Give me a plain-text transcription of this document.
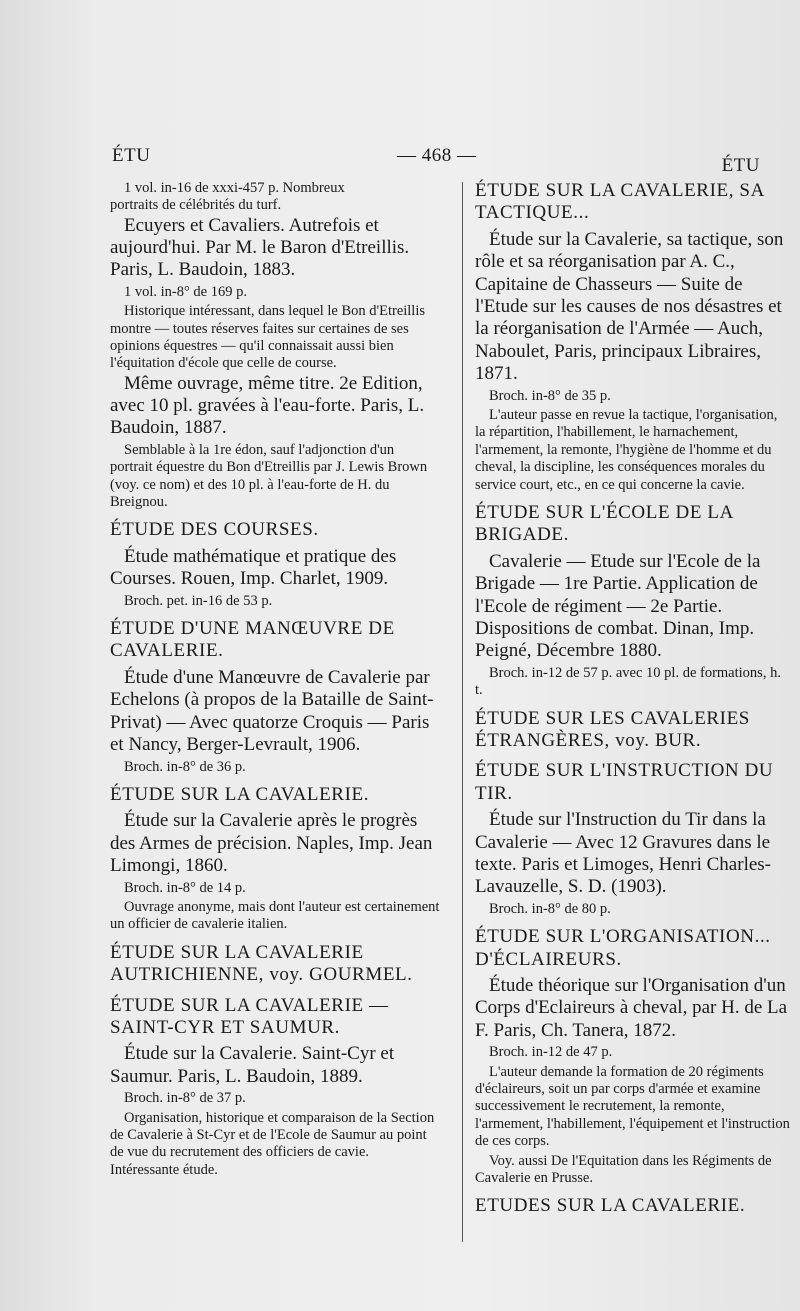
ÉTU	— 468 —	ÉTU

1 vol. in-16 de xxxi-457 p. Nombreux

portraits de célébrités du turf.

Ecuyers et Cavaliers. Autrefois et aujourd'hui. Par M. le Baron d'Etreillis. Paris, L. Baudoin, 1883.

1 vol. in-8° de 169 p.

Historique intéressant, dans lequel le Bon d'Etreillis montre — toutes réserves faites sur certaines de ses opinions équestres — qu'il connaissait aussi bien l'équitation d'école que celle de course.

Même ouvrage, même titre. 2e Edition, avec 10 pl. gravées à l'eau-forte. Paris, L. Baudoin, 1887.

Semblable à la 1re édon, sauf l'adjonction d'un portrait équestre du Bon d'Etreillis par J. Lewis Brown (voy. ce nom) et des 10 pl. à l'eau-forte de H. du Breignou.

ÉTUDE DES COURSES.

Étude mathématique et pratique des Courses. Rouen, Imp. Charlet, 1909.

Broch. pet. in-16 de 53 p.

ÉTUDE D'UNE MANŒUVRE DE CAVALERIE.

Étude d'une Manœuvre de Cavalerie par Echelons (à propos de la Bataille de Saint-Privat) — Avec quatorze Croquis — Paris et Nancy, Berger-Levrault, 1906.

Broch. in-8° de 36 p.

ÉTUDE SUR LA CAVALERIE.

Étude sur la Cavalerie après le progrès des Armes de précision. Naples, Imp. Jean Limongi, 1860.

Broch. in-8° de 14 p.

Ouvrage anonyme, mais dont l'auteur est certainement un officier de cavalerie italien.

ÉTUDE SUR LA CAVALERIE AUTRICHIENNE, voy. GOURMEL.

ÉTUDE SUR LA CAVALERIE — SAINT-CYR ET SAUMUR.

Étude sur la Cavalerie. Saint-Cyr et Saumur. Paris, L. Baudoin, 1889.

Broch. in-8° de 37 p.

Organisation, historique et comparaison de la Section de Cavalerie à St-Cyr et de l'Ecole de Saumur au point de vue du recrutement des officiers de cavie. Intéressante étude.

ÉTUDE SUR LA CAVALERIE, SA TACTIQUE...

Étude sur la Cavalerie, sa tactique, son rôle et sa réorganisation par A. C., Capitaine de Chasseurs — Suite de l'Etude sur les causes de nos désastres et la réorganisation de l'Armée — Auch, Naboulet, Paris, principaux Libraires, 1871.

Broch. in-8° de 35 p.

L'auteur passe en revue la tactique, l'organisation, la répartition, l'habillement, le harnachement, l'armement, la remonte, l'hygiène de l'homme et du cheval, la discipline, les conséquences morales du service court, etc., en ce qui concerne la cavie.

ÉTUDE SUR L'ÉCOLE DE LA BRIGADE.

Cavalerie — Etude sur l'Ecole de la Brigade — 1re Partie. Application de l'Ecole de régiment — 2e Partie. Dispositions de combat. Dinan, Imp. Peigné, Décembre 1880.

Broch. in-12 de 57 p. avec 10 pl. de formations, h. t.

ÉTUDE SUR LES CAVALERIES ÉTRANGÈRES, voy. BUR.

ÉTUDE SUR L'INSTRUCTION DU TIR.

Étude sur l'Instruction du Tir dans la Cavalerie — Avec 12 Gravures dans le texte. Paris et Limoges, Henri Charles-Lavauzelle, S. D. (1903).

Broch. in-8° de 80 p.

ÉTUDE SUR L'ORGANISATION... D'ÉCLAIREURS.

Étude théorique sur l'Organisation d'un Corps d'Eclaireurs à cheval, par H. de La F. Paris, Ch. Tanera, 1872.

Broch. in-12 de 47 p.

L'auteur demande la formation de 20 régiments d'éclaireurs, soit un par corps d'armée et examine successivement le recrutement, la remonte, l'armement, l'habillement, l'équipement et l'instruction de ces corps.

Voy. aussi De l'Equitation dans les Régiments de Cavalerie en Prusse.

ETUDES SUR LA CAVALERIE.
